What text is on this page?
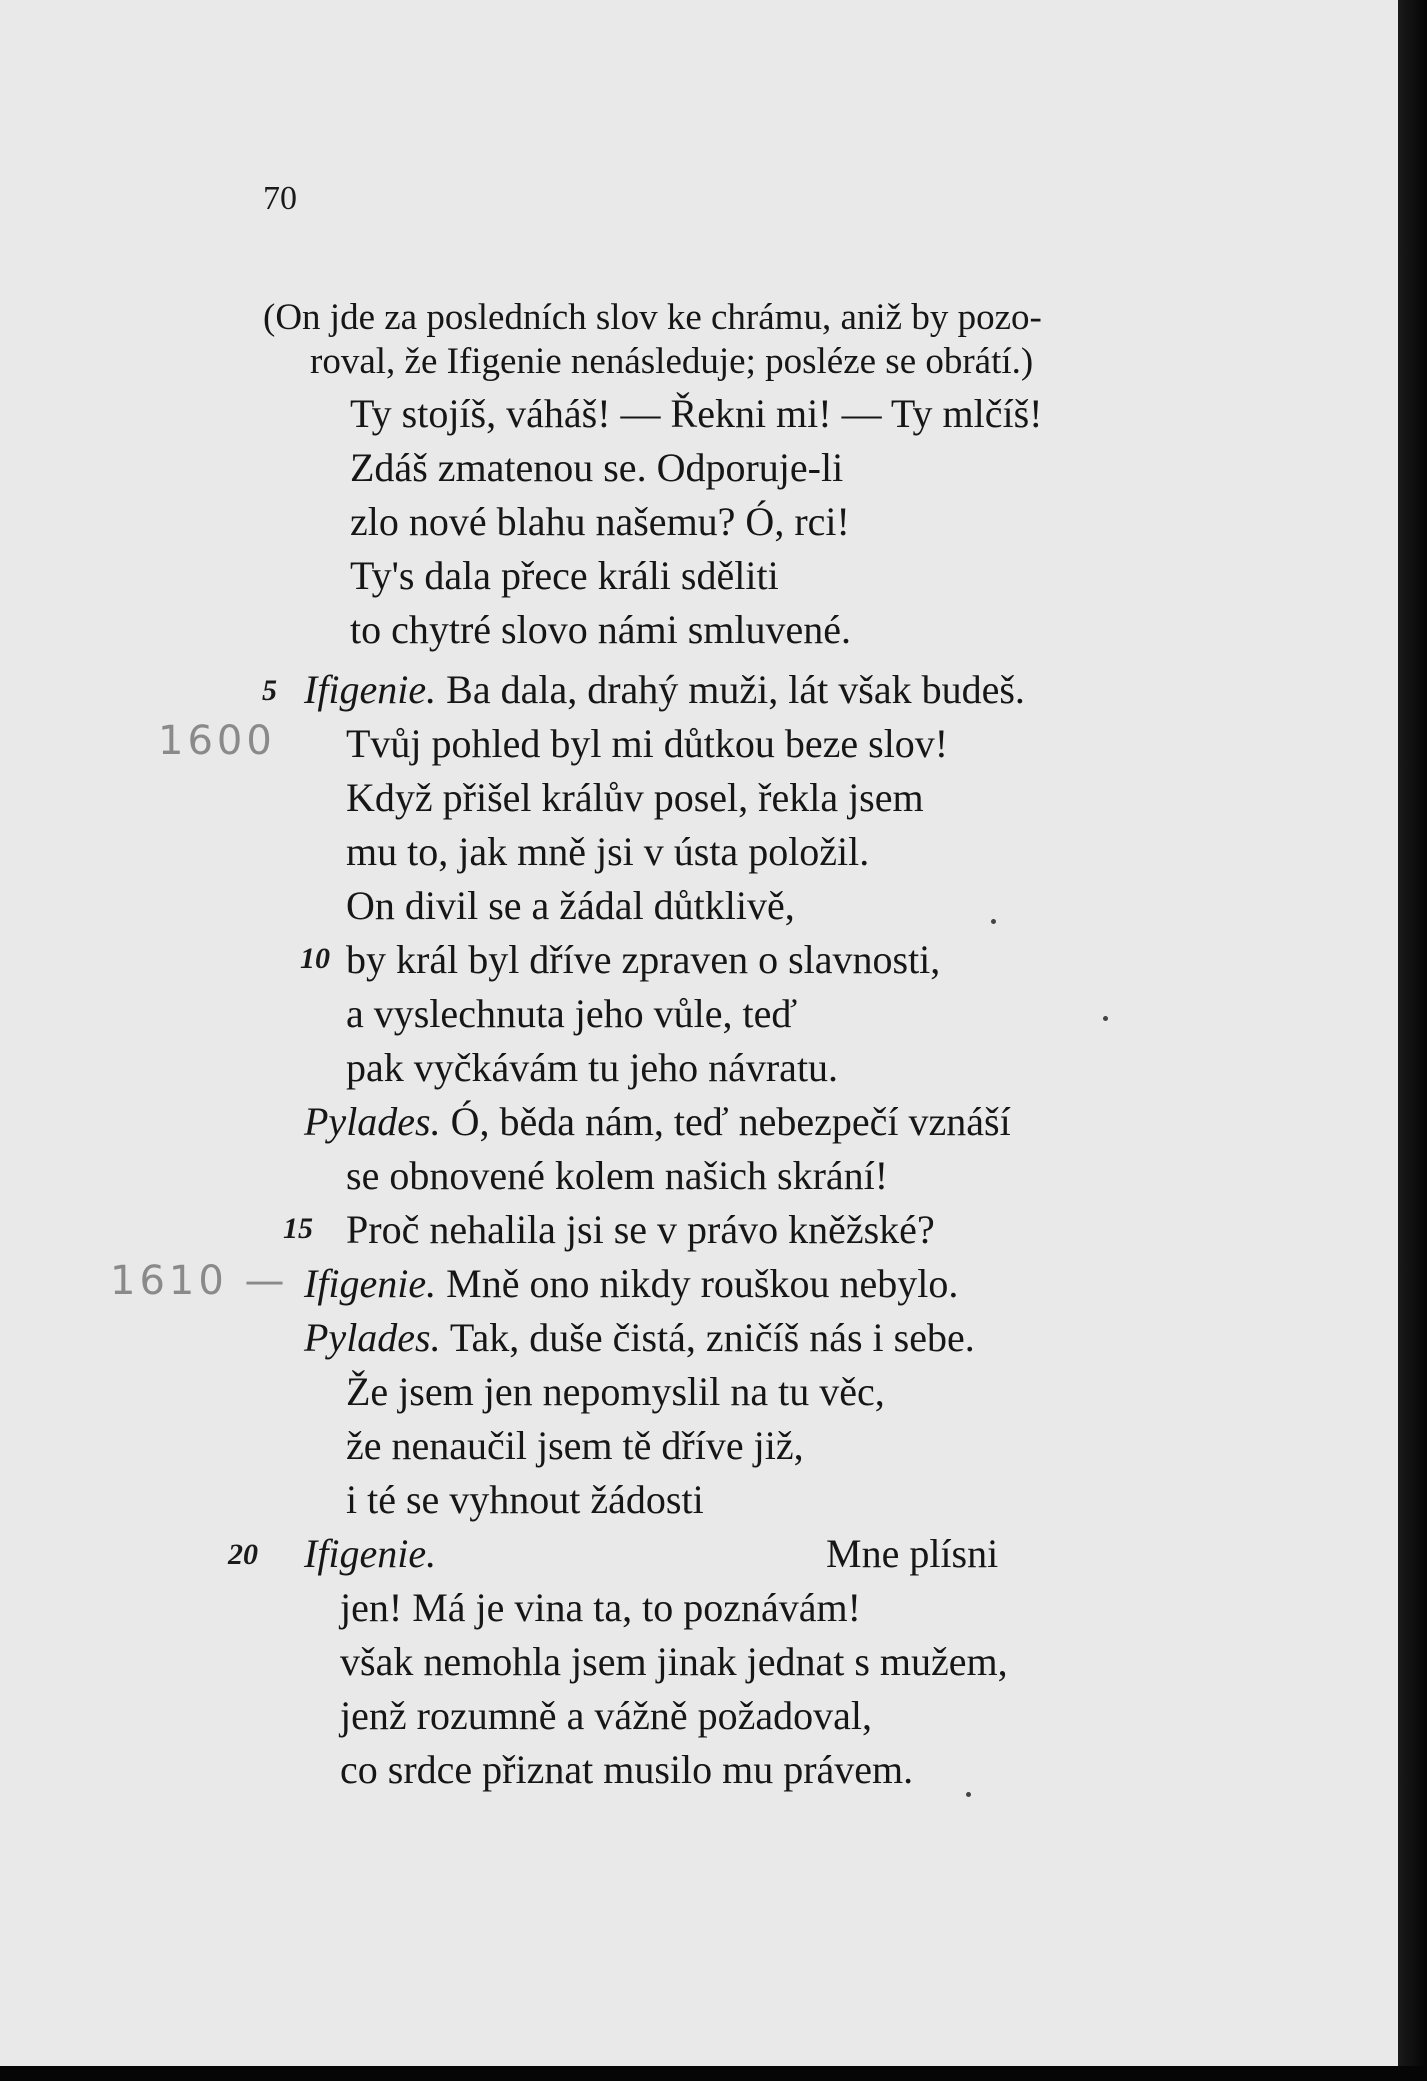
70
(On jde za posledních slov ke chrámu, aniž by pozo-
roval, že Ifigenie nenásleduje; posléze se obrátí.)
Ty stojíš, váháš! — Řekni mi! — Ty mlčíš!
Zdáš zmatenou se. Odporuje-li
zlo nové blahu našemu? Ó, rci!
Ty's dala přece králi sděliti
to chytré slovo námi smluvené.
Ifigenie. Ba dala, drahý muži, lát však budeš.
Tvůj pohled byl mi důtkou beze slov!
Když přišel králův posel, řekla jsem
mu to, jak mně jsi v ústa položil.
On divil se a žádal důtklivě,
by král byl dříve zpraven o slavnosti,
a vyslechnuta jeho vůle, teď
pak vyčkávám tu jeho návratu.
Pylades. Ó, běda nám, teď nebezpečí vznáší
se obnovené kolem našich skrání!
Proč nehalila jsi se v právo kněžské?
Ifigenie. Mně ono nikdy rouškou nebylo.
Pylades. Tak, duše čistá, zničíš nás i sebe.
Že jsem jen nepomyslil na tu věc,
že nenaučil jsem tě dříve již,
i té se vyhnout žádosti
Ifigenie.	Mne plísni
jen! Má je vina ta, to poznávám!
však nemohla jsem jinak jednat s mužem,
jenž rozumně a vážně požadoval,
co srdce přiznat musilo mu právem.
5
10
15
20
1600
1610 —
